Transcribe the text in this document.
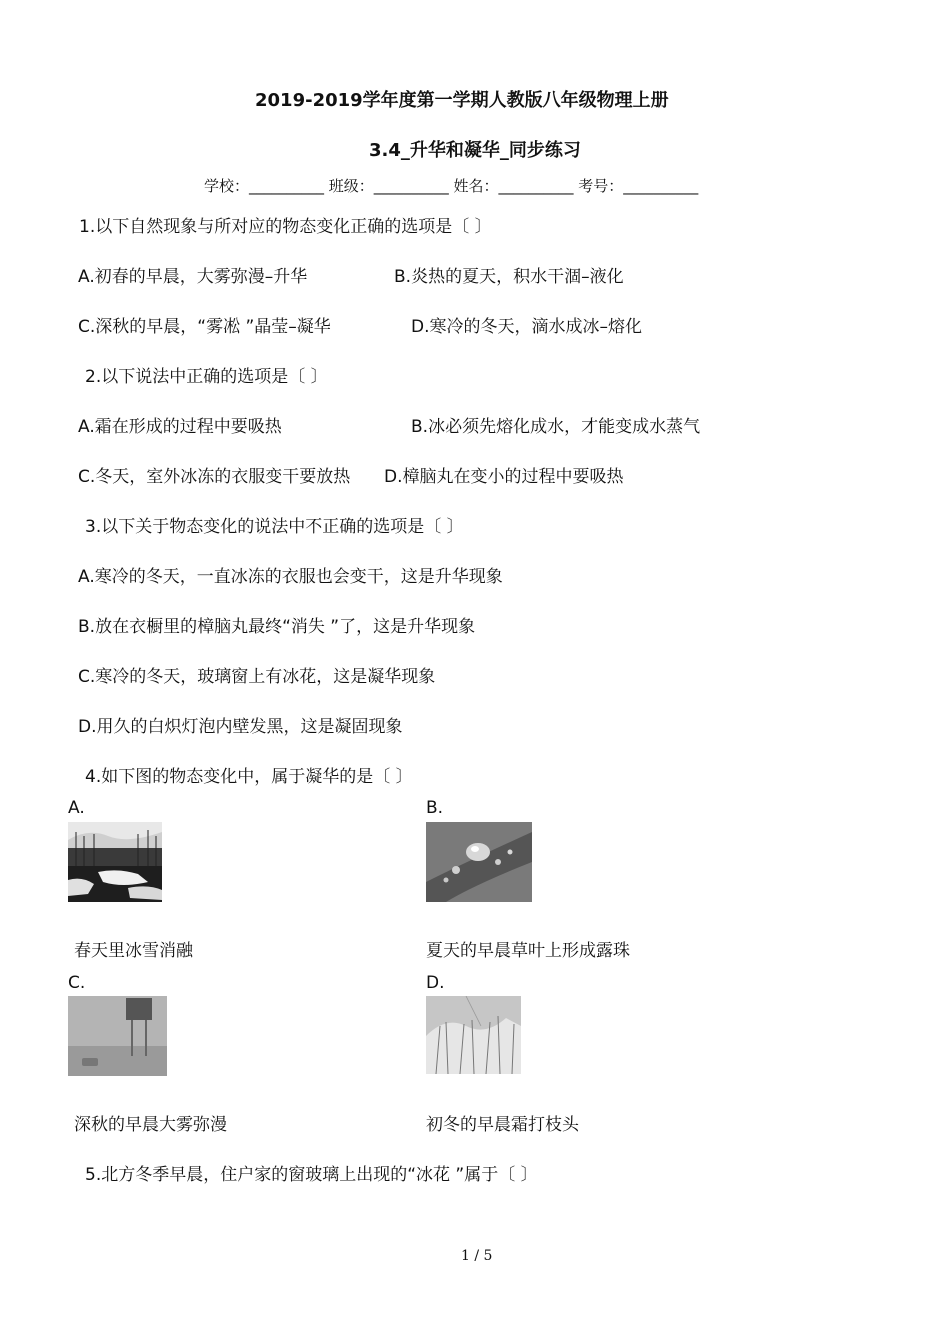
2019-2019学年度第一学期人教版八年级物理上册
3.4_升华和凝华_同步练习
学校：__________ 班级：__________ 姓名：__________ 考号：__________
1.以下自然现象与所对应的物态变化正确的选项是〔 〕
A.初春的早晨，大雾弥漫–升华	B.炎热的夏天，积水干涸–液化
C.深秋的早晨，“雾凇 ”晶莹–凝华	D.寒冷的冬天，滴水成冰–熔化
2.以下说法中正确的选项是〔 〕
A.霜在形成的过程中要吸热	B.冰必须先熔化成水，才能变成水蒸气
C.冬天，室外冰冻的衣服变干要放热 D.樟脑丸在变小的过程中要吸热
3.以下关于物态变化的说法中不正确的选项是〔 〕
A.寒冷的冬天，一直冰冻的衣服也会变干，这是升华现象
B.放在衣橱里的樟脑丸最终“消失 ”了，这是升华现象
C.寒冷的冬天，玻璃窗上有冰花，这是凝华现象
D.用久的白炽灯泡内壁发黑，这是凝固现象
4.如下图的物态变化中，属于凝华的是〔 〕
A.
春天里冰雪消融
B.
夏天的早晨草叶上形成露珠
C.
深秋的早晨大雾弥漫
D.
初冬的早晨霜打枝头
5.北方冬季早晨，住户家的窗玻璃上出现的“冰花 ”属于〔 〕
1 / 5
